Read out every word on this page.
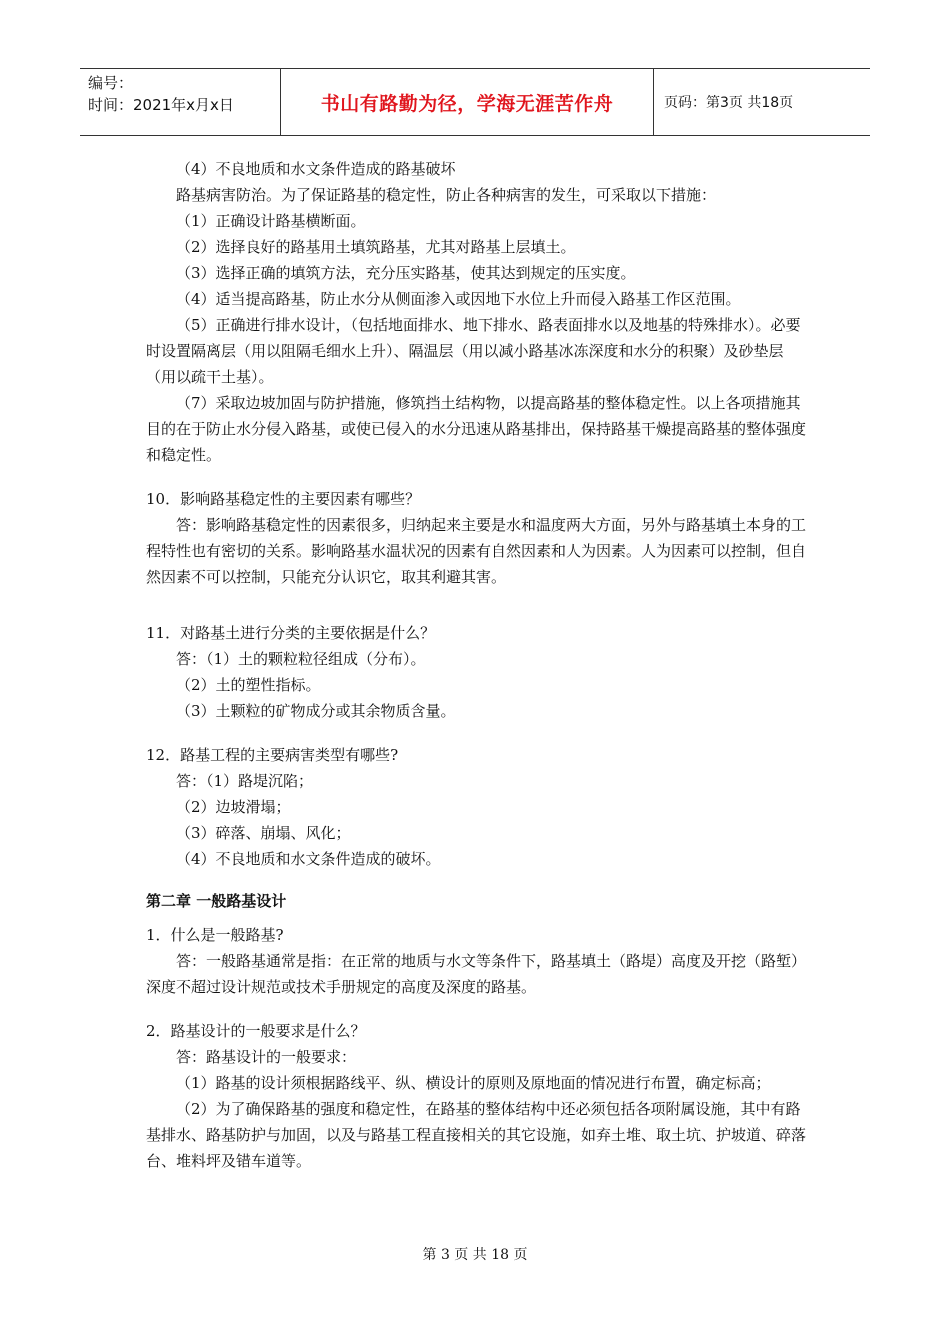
编号：
时间：2021年x月x日	书山有路勤为径，学海无涯苦作舟	页码：第3页 共18页

（4）不良地质和水文条件造成的路基破坏

路基病害防治。为了保证路基的稳定性，防止各种病害的发生，可采取以下措施：

（1）正确设计路基横断面。

（2）选择良好的路基用土填筑路基，尤其对路基上层填土。

（3）选择正确的填筑方法，充分压实路基，使其达到规定的压实度。

（4）适当提高路基，防止水分从侧面渗入或因地下水位上升而侵入路基工作区范围。

（5）正确进行排水设计，（包括地面排水、地下排水、路表面排水以及地基的特殊排水）。必要时设置隔离层（用以阻隔毛细水上升）、隔温层（用以减小路基冰冻深度和水分的积聚）及砂垫层（用以疏干土基）。

（7）采取边坡加固与防护措施，修筑挡土结构物，以提高路基的整体稳定性。以上各项措施其目的在于防止水分侵入路基，或使已侵入的水分迅速从路基排出，保持路基干燥提高路基的整体强度和稳定性。

10．影响路基稳定性的主要因素有哪些？

答：影响路基稳定性的因素很多，归纳起来主要是水和温度两大方面，另外与路基填土本身的工程特性也有密切的关系。影响路基水温状况的因素有自然因素和人为因素。人为因素可以控制，但自然因素不可以控制，只能充分认识它，取其利避其害。

11．对路基土进行分类的主要依据是什么？

答：（1）土的颗粒粒径组成（分布）。

（2）土的塑性指标。

（3）土颗粒的矿物成分或其余物质含量。

12．路基工程的主要病害类型有哪些?

答：（1）路堤沉陷；

（2）边坡滑塌；

（3）碎落、崩塌、风化；

（4）不良地质和水文条件造成的破坏。

第二章 一般路基设计

1．什么是一般路基?

答：一般路基通常是指：在正常的地质与水文等条件下，路基填土（路堤）高度及开挖（路堑）深度不超过设计规范或技术手册规定的高度及深度的路基。

2．路基设计的一般要求是什么？

答：路基设计的一般要求：

（1）路基的设计须根据路线平、纵、横设计的原则及原地面的情况进行布置，确定标高；

（2）为了确保路基的强度和稳定性，在路基的整体结构中还必须包括各项附属设施，其中有路基排水、路基防护与加固，以及与路基工程直接相关的其它设施，如弃土堆、取土坑、护坡道、碎落台、堆料坪及错车道等。

第 3 页 共 18 页
